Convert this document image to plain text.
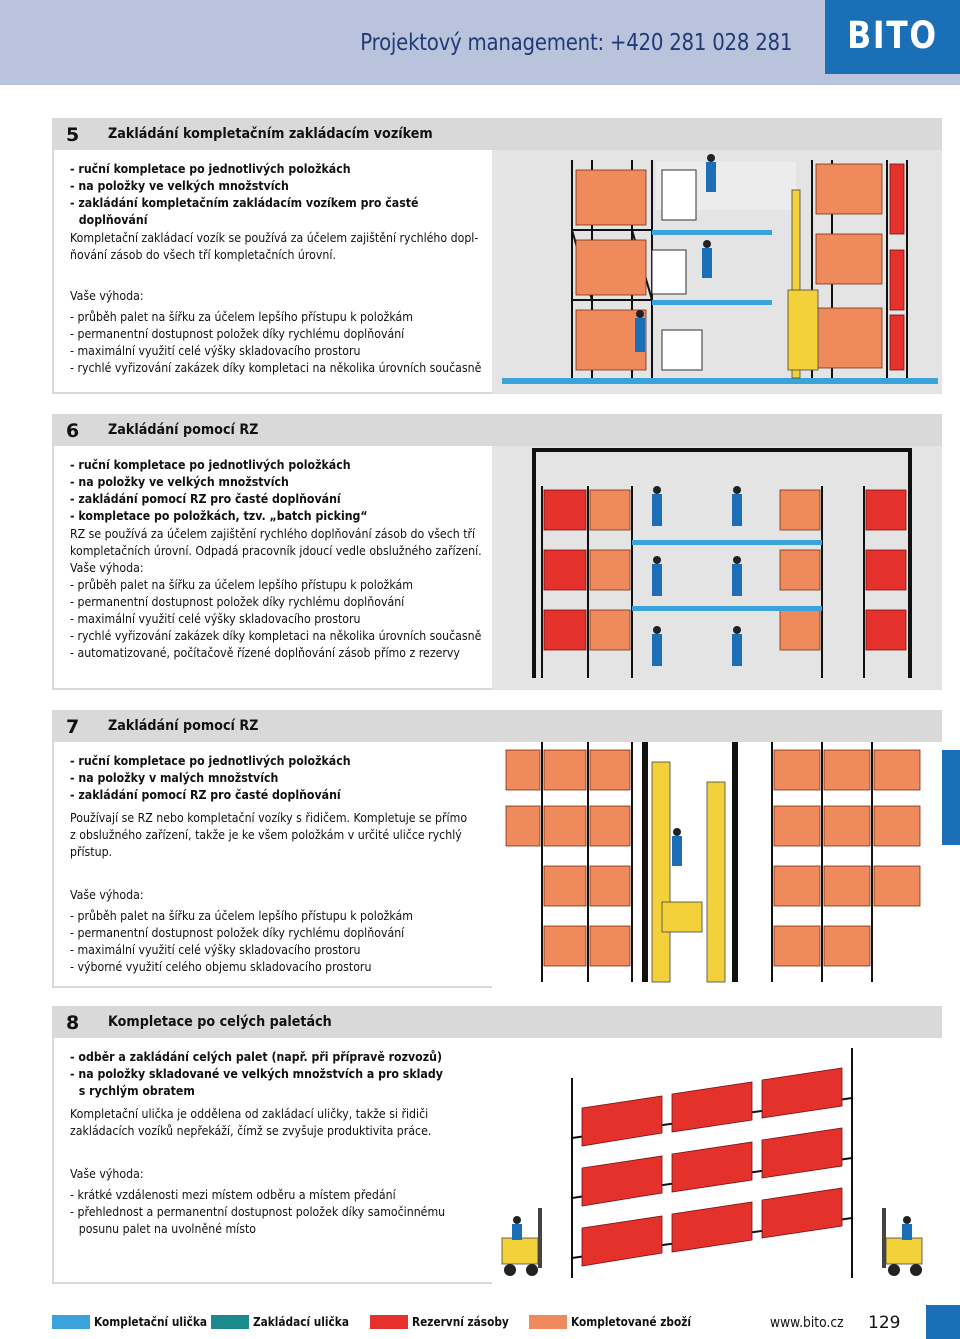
Projektový management: +420 281 028 281	BITO
5 Zakládání kompletačním zakládacím vozíkem
- ruční kompletace po jednotlivých položkách
- na položky ve velkých množstvích
- zakládání kompletačním zakládacím vozíkem pro časté
doplňování
Kompletační zakládací vozík se používá za účelem zajištění rychlého dopl-
ňování zásob do všech tří kompletačních úrovní.
Vaše výhoda:
- průběh palet na šířku za účelem lepšího přístupu k položkám
- permanentní dostupnost položek díky rychlému doplňování
- maximální využití celé výšky skladovacího prostoru
- rychlé vyřizování zakázek díky kompletaci na několika úrovních současně
6 Zakládání pomocí RZ
- ruční kompletace po jednotlivých položkách
- na položky ve velkých množstvích
- zakládání pomocí RZ pro časté doplňování
- kompletace po položkách, tzv. „batch picking“
RZ se používá za účelem zajištění rychlého doplňování zásob do všech tří
kompletačních úrovní. Odpadá pracovník jdoucí vedle obslužného zařízení.
Vaše výhoda:
- průběh palet na šířku za účelem lepšího přístupu k položkám
- permanentní dostupnost položek díky rychlému doplňování
- maximální využití celé výšky skladovacího prostoru
- rychlé vyřizování zakázek díky kompletaci na několika úrovních současně
- automatizované, počítačově řízené doplňování zásob přímo z rezervy
7 Zakládání pomocí RZ
- ruční kompletace po jednotlivých položkách
- na položky v malých množstvích
- zakládání pomocí RZ pro časté doplňování
Používají se RZ nebo kompletační vozíky s řidičem. Kompletuje se přímo
z obslužného zařízení, takže je ke všem položkám v určité uličce rychlý
přístup.
Vaše výhoda:
- průběh palet na šířku za účelem lepšího přístupu k položkám
- permanentní dostupnost položek díky rychlému doplňování
- maximální využití celé výšky skladovacího prostoru
- výborné využití celého objemu skladovacího prostoru
8 Kompletace po celých paletách
- odběr a zakládání celých palet (např. při přípravě rozvozů)
- na položky skladované ve velkých množstvích a pro sklady
s rychlým obratem
Kompletační ulička je oddělena od zakládací uličky, takže si řidiči
zakládacích vozíků nepřekáží, čímž se zvyšuje produktivita práce.
Vaše výhoda:
- krátké vzdálenosti mezi místem odběru a místem předání
- přehlednost a permanentní dostupnost položek díky samočinnému
posunu palet na uvolněné místo
Kompletační ulička	Zakládací ulička	Rezervní zásoby	Kompletované zboží	www.bito.cz 129
